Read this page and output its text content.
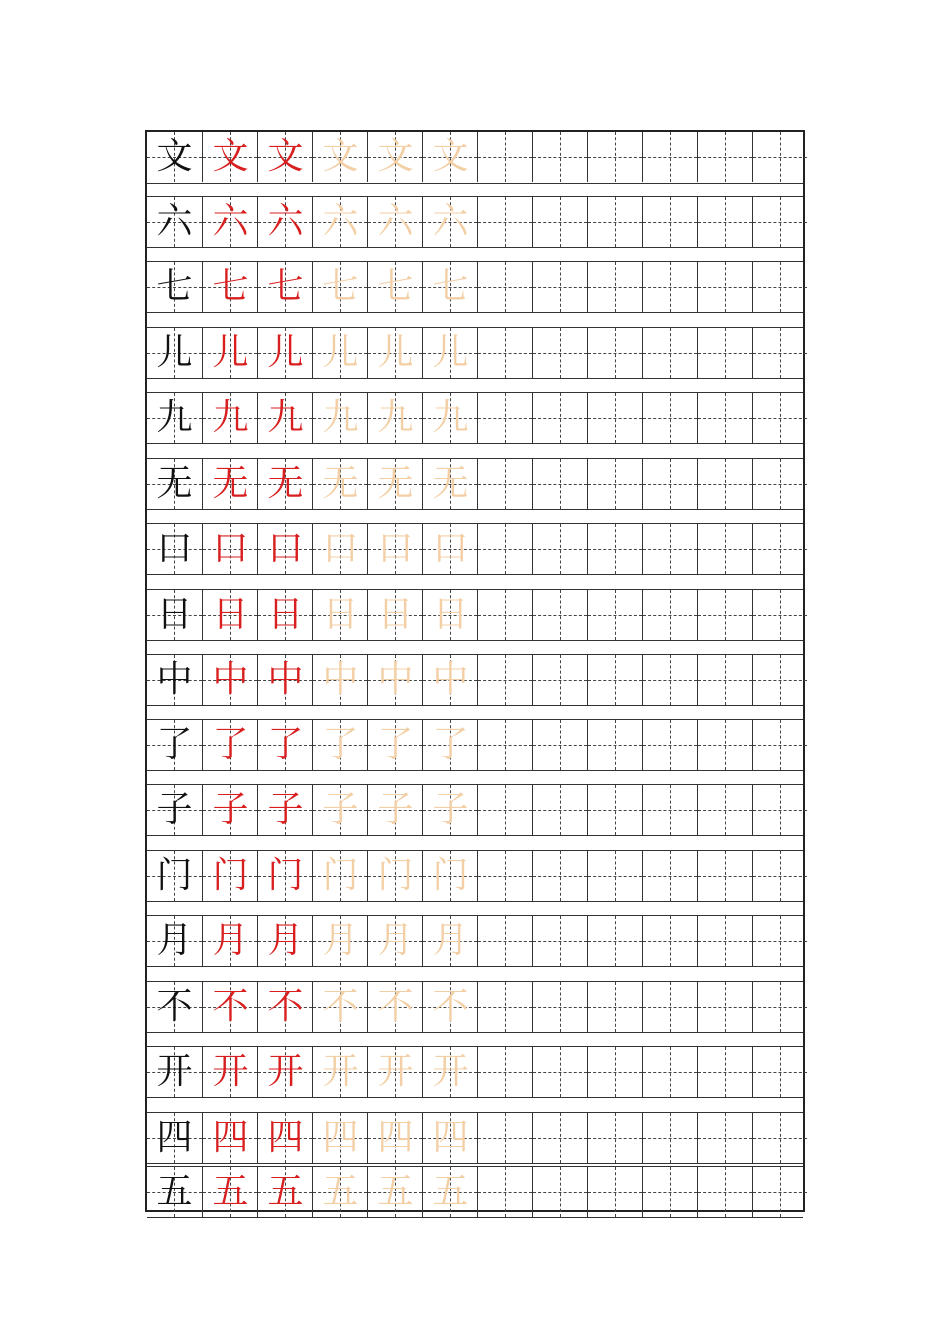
文 文 文 文 文 文
六 六 六 六 六 六
七 七 七 七 七 七
儿 儿 儿 儿 儿 儿
九 九 九 九 九 九
无 无 无 无 无 无
口 口 口 口 口 口
日 日 日 日 日 日
中 中 中 中 中 中
了 了 了 了 了 了
子 子 子 子 子 子
门 门 门 门 门 门
月 月 月 月 月 月
不 不 不 不 不 不
开 开 开 开 开 开
四 四 四 四 四 四
五 五 五 五 五 五
